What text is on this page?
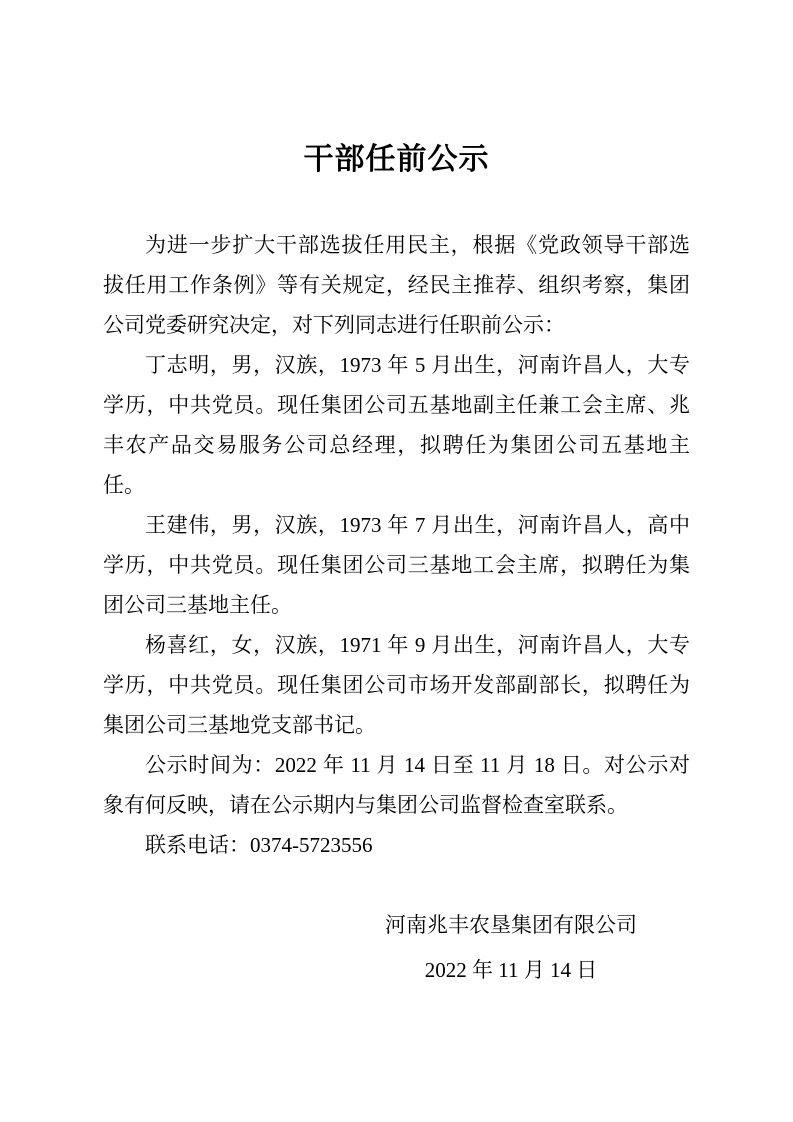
干部任前公示

为进一步扩大干部选拔任用民主，根据《党政领导干部选拔任用工作条例》等有关规定，经民主推荐、组织考察，集团公司党委研究决定，对下列同志进行任职前公示：

丁志明，男，汉族，1973 年 5 月出生，河南许昌人，大专学历，中共党员。现任集团公司五基地副主任兼工会主席、兆丰农产品交易服务公司总经理，拟聘任为集团公司五基地主任。

王建伟，男，汉族，1973 年 7 月出生，河南许昌人，高中学历，中共党员。现任集团公司三基地工会主席，拟聘任为集团公司三基地主任。

杨喜红，女，汉族，1971 年 9 月出生，河南许昌人，大专学历，中共党员。现任集团公司市场开发部副部长，拟聘任为集团公司三基地党支部书记。

公示时间为：2022 年 11 月 14 日至 11 月 18 日。对公示对象有何反映，请在公示期内与集团公司监督检查室联系。

联系电话：0374-5723556

河南兆丰农垦集团有限公司
2022 年 11 月 14 日
